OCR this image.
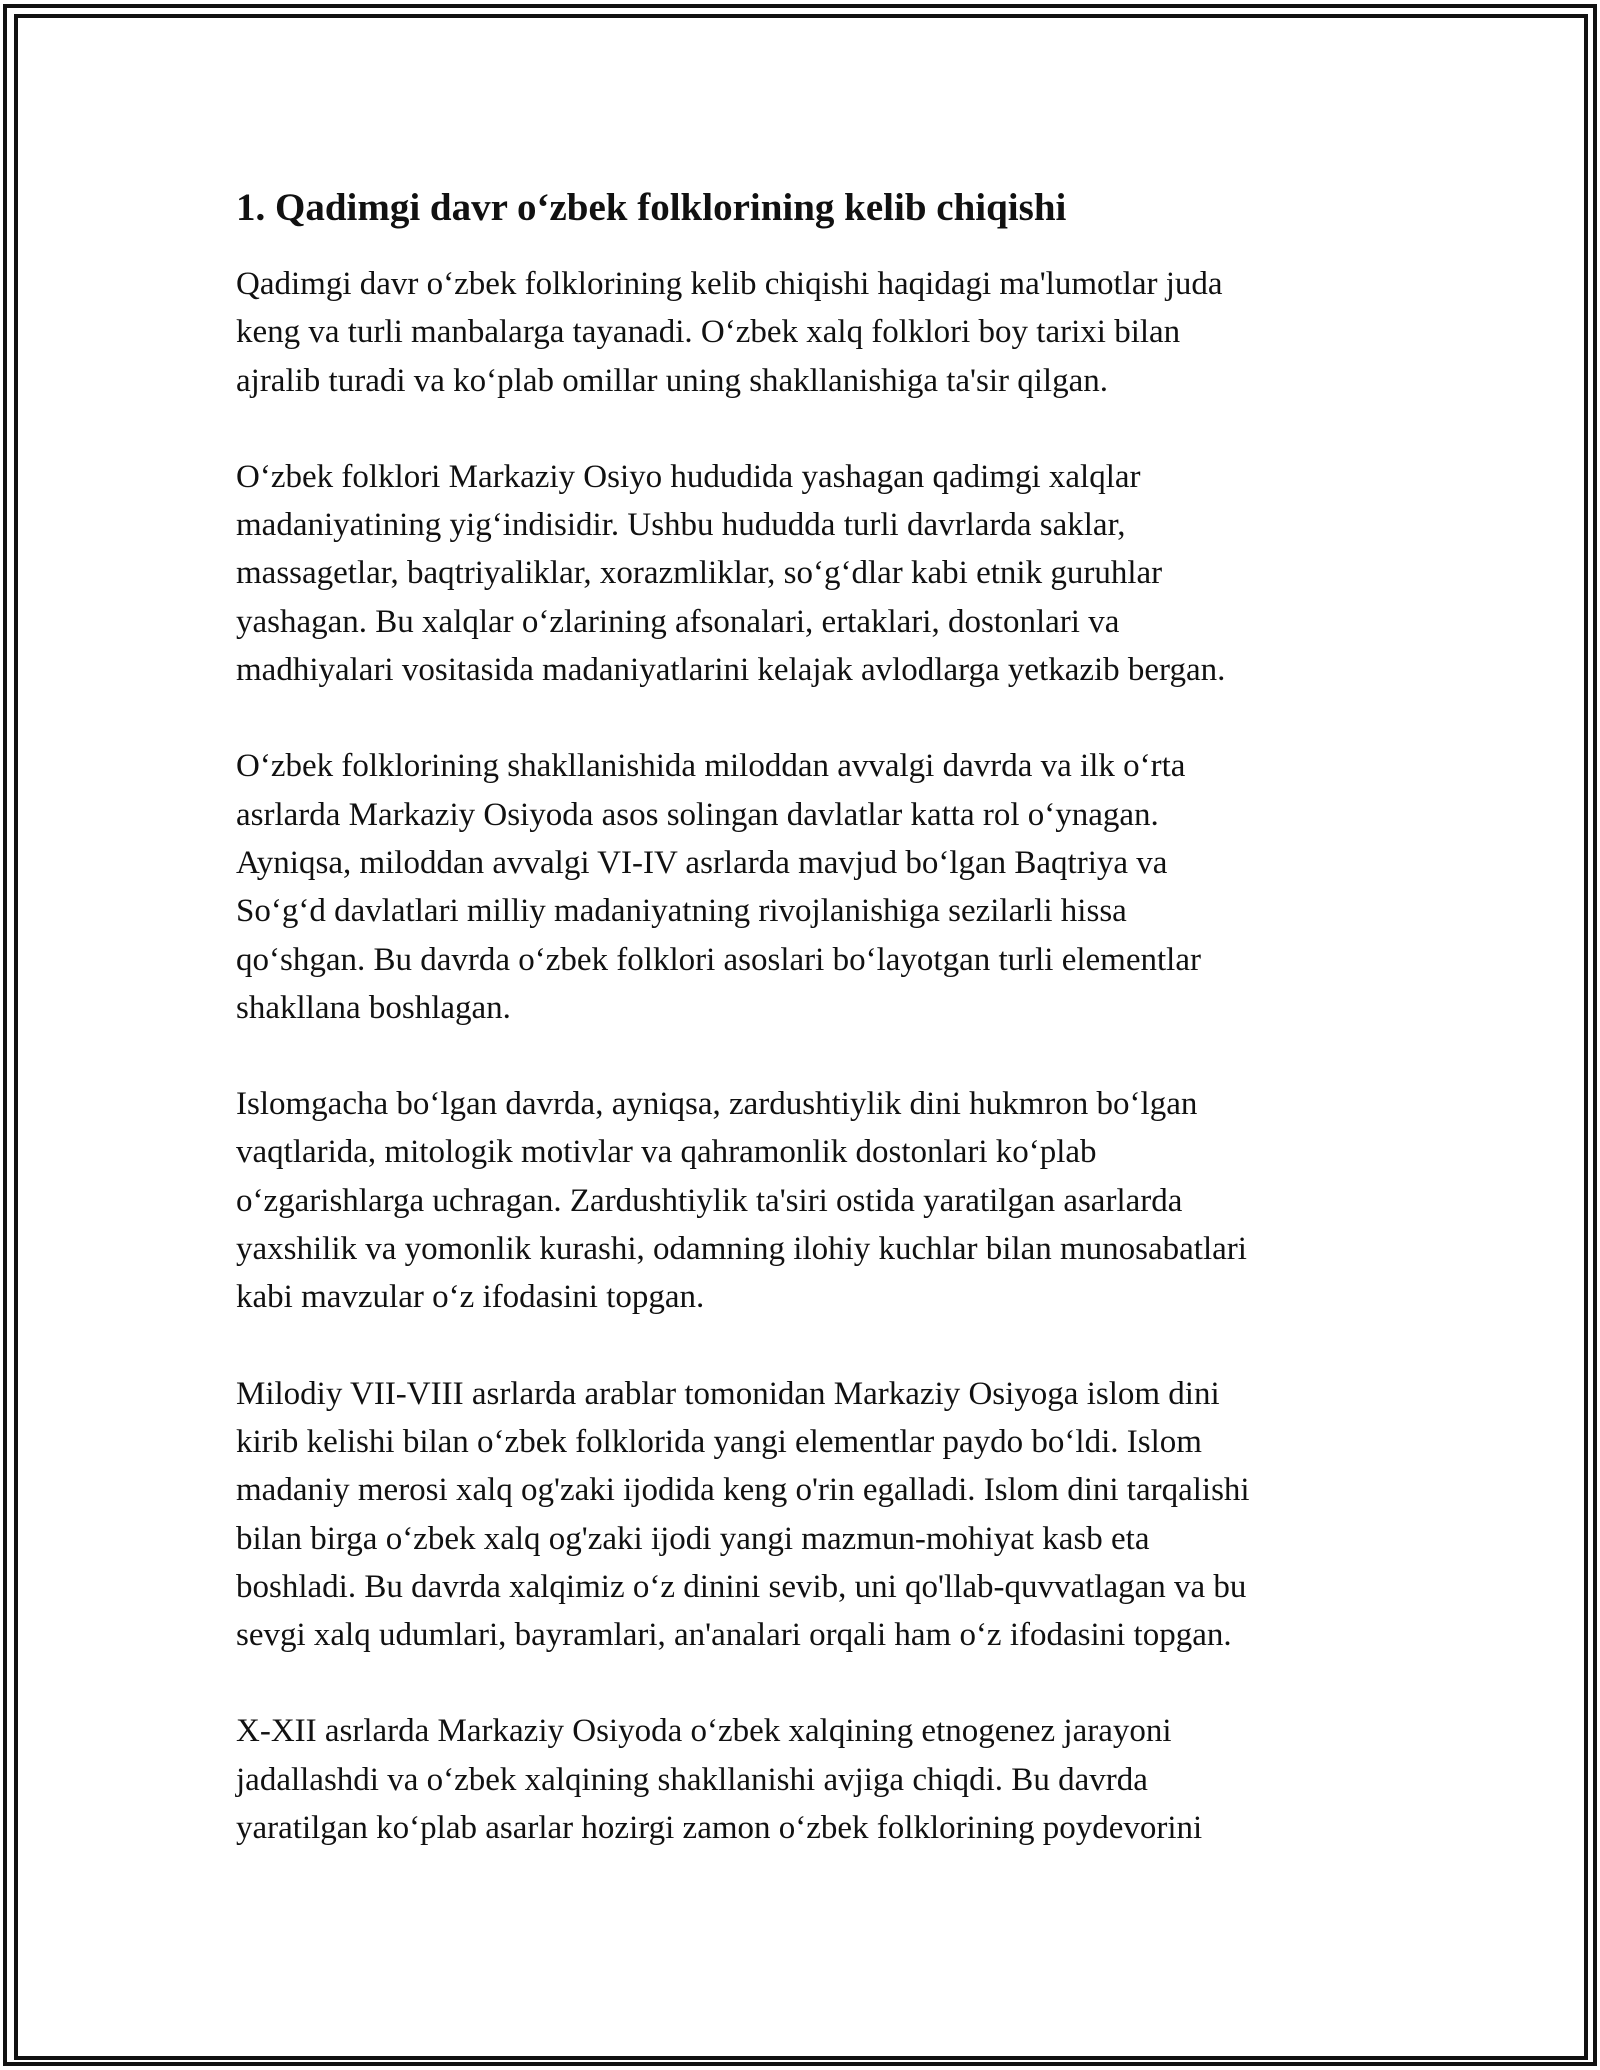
1. Qadimgi davr o‘zbek folklorining kelib chiqishi

Qadimgi davr o‘zbek folklorining kelib chiqishi haqidagi ma'lumotlar juda
keng va turli manbalarga tayanadi. O‘zbek xalq folklori boy tarixi bilan
ajralib turadi va ko‘plab omillar uning shakllanishiga ta'sir qilgan.

O‘zbek folklori Markaziy Osiyo hududida yashagan qadimgi xalqlar
madaniyatining yig‘indisidir. Ushbu hududda turli davrlarda saklar,
massagetlar, baqtriyaliklar, xorazmliklar, so‘g‘dlar kabi etnik guruhlar
yashagan. Bu xalqlar o‘zlarining afsonalari, ertaklari, dostonlari va
madhiyalari vositasida madaniyatlarini kelajak avlodlarga yetkazib bergan.

O‘zbek folklorining shakllanishida miloddan avvalgi davrda va ilk o‘rta
asrlarda Markaziy Osiyoda asos solingan davlatlar katta rol o‘ynagan.
Ayniqsa, miloddan avvalgi VI-IV asrlarda mavjud bo‘lgan Baqtriya va
So‘g‘d davlatlari milliy madaniyatning rivojlanishiga sezilarli hissa
qo‘shgan. Bu davrda o‘zbek folklori asoslari bo‘layotgan turli elementlar
shakllana boshlagan.

Islomgacha bo‘lgan davrda, ayniqsa, zardushtiylik dini hukmron bo‘lgan
vaqtlarida, mitologik motivlar va qahramonlik dostonlari ko‘plab
o‘zgarishlarga uchragan. Zardushtiylik ta'siri ostida yaratilgan asarlarda
yaxshilik va yomonlik kurashi, odamning ilohiy kuchlar bilan munosabatlari
kabi mavzular o‘z ifodasini topgan.

Milodiy VII-VIII asrlarda arablar tomonidan Markaziy Osiyoga islom dini
kirib kelishi bilan o‘zbek folklorida yangi elementlar paydo bo‘ldi. Islom
madaniy merosi xalq og'zaki ijodida keng o'rin egalladi. Islom dini tarqalishi
bilan birga o‘zbek xalq og'zaki ijodi yangi mazmun-mohiyat kasb eta
boshladi. Bu davrda xalqimiz o‘z dinini sevib, uni qo'llab-quvvatlagan va bu
sevgi xalq udumlari, bayramlari, an'analari orqali ham o‘z ifodasini topgan.

X-XII asrlarda Markaziy Osiyoda o‘zbek xalqining etnogenez jarayoni
jadallashdi va o‘zbek xalqining shakllanishi avjiga chiqdi. Bu davrda
yaratilgan ko‘plab asarlar hozirgi zamon o‘zbek folklorining poydevorini
